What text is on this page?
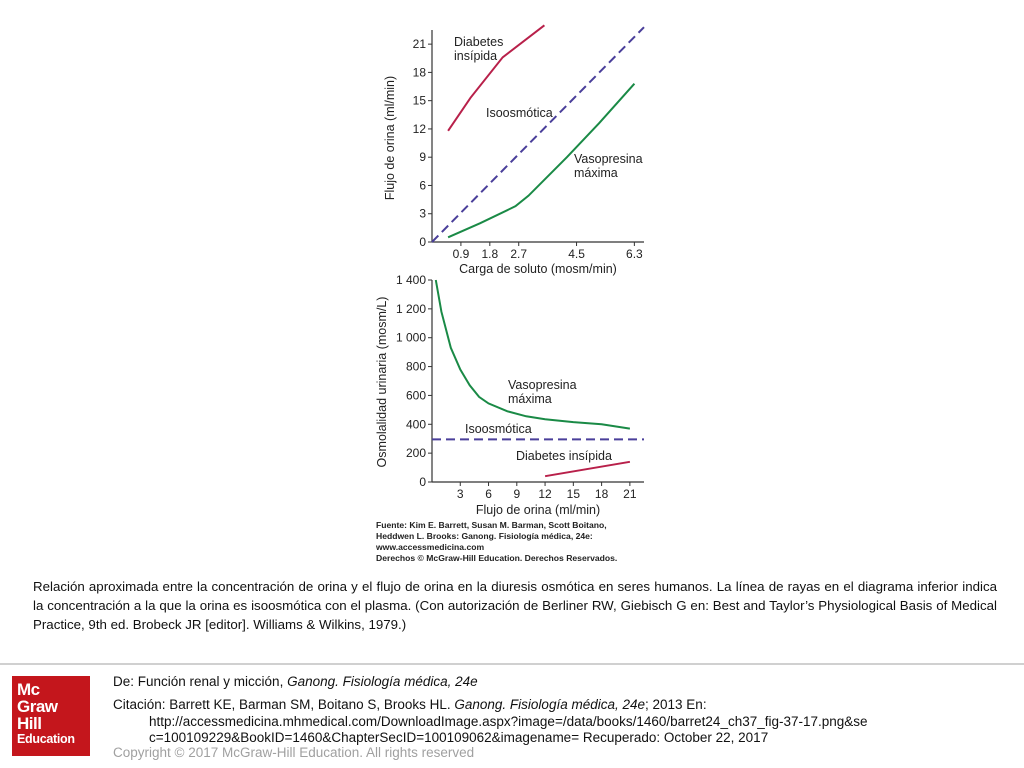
0.9 1.8 2.7	4.5	6.3
0
3
6
9
12
15
18
21 Diabetes
insípida
Isoosmótica
Vasopresina
máxima
Carga de soluto (mosm/min)
Flujo de orina (ml/min)
3 6 9 12 15 18 21
0
200
400
600
800
1 000
1 200
1 400
Vasopresina
máxima
Isoosmótica
Diabetes insípida
Flujo de orina (ml/min)
Osmolalidad urinaria (mosm/L)
Fuente: Kim E. Barrett, Susan M. Barman, Scott Boitano,
Heddwen L. Brooks: Ganong. Fisiología médica, 24e:
www.accessmedicina.com
Derechos © McGraw-Hill Education. Derechos Reservados.
Relación aproximada entre la concentración de orina y el flujo de orina en la diuresis osmótica en seres humanos. La línea de rayas en el diagrama inferior indica la concentración a la que la orina es isoosmótica con el plasma. (Con autorización de Berliner RW, Giebisch G en: Best and Taylor’s Physiological Basis of Medical Practice, 9th ed. Brobeck JR [editor]. Williams & Wilkins, 1979.)
Mc
Graw
Hill
Education
De: Función renal y micción, Ganong. Fisiología médica, 24e
Citación: Barrett KE, Barman SM, Boitano S, Brooks HL. Ganong. Fisiología médica, 24e; 2013 En:
http://accessmedicina.mhmedical.com/DownloadImage.aspx?image=/data/books/1460/barret24_ch37_fig-37-17.png&sec=100109229&BookID=1460&ChapterSecID=100109062&imagename= Recuperado: October 22, 2017
Copyright © 2017 McGraw-Hill Education. All rights reserved
